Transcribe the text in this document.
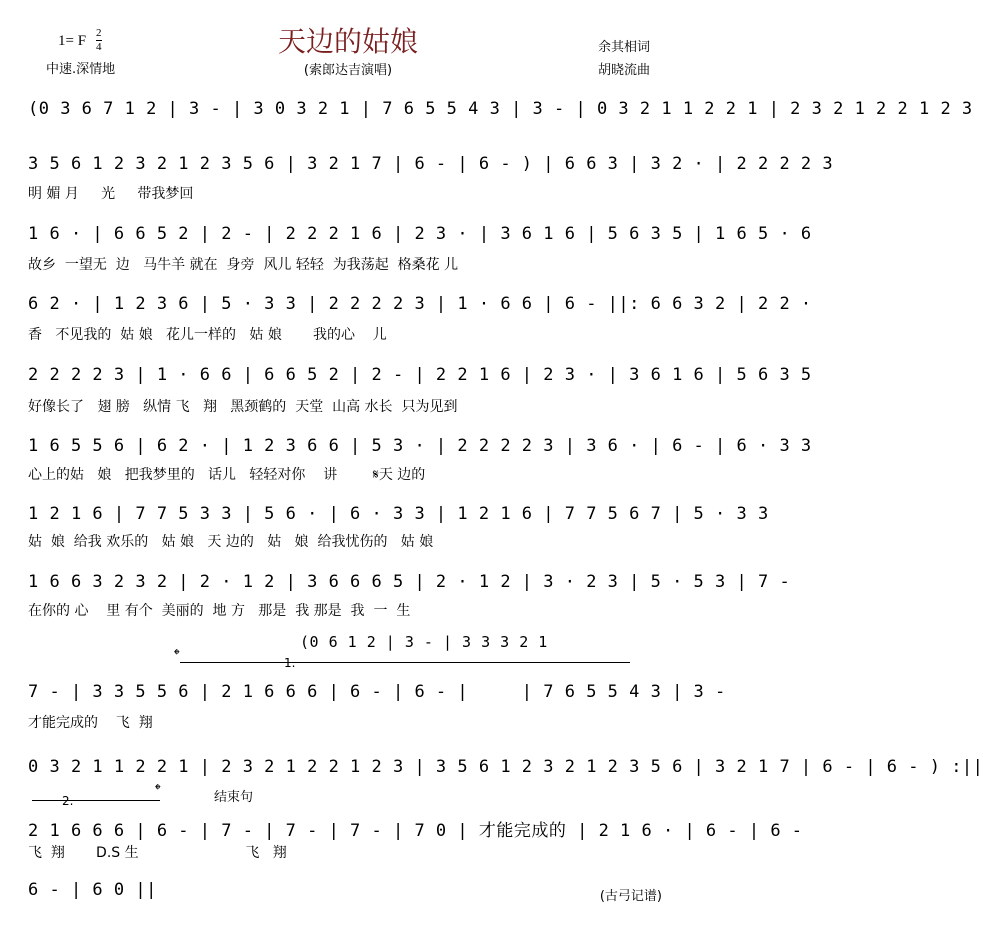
天边的姑娘
1= F 2
4
中速.深情地	(索郎达吉演唱)
余其相词
胡晓流曲
(0 3 6 7 1 2 | 3 - | 3 0 3 2 1 | 7 6 5 5 4 3 | 3 - | 0 3 2 1 1 2 2 1 | 2 3 2 1 2 2 1 2 3
3 5 6 1 2 3 2 1 2 3 5 6 | 3 2 1 7 | 6 - | 6 - ) | 6 6 3 | 3 2 · | 2 2 2 2 3
明 媚 月     光     带我梦回
1 6 · | 6 6 5 2 | 2 - | 2 2 2 1 6 | 2 3 · | 3 6 1 6 | 5 6 3 5 | 1 6 5 · 6
故乡  一望无  边   马牛羊 就在  身旁  风儿 轻轻  为我荡起  格桑花 儿
6 2 · | 1 2 3 6 | 5 · 3 3 | 2 2 2 2 3 | 1 · 6 6 | 6 - ||: 6 6 3 2 | 2 2 ·
香   不见我的  姑 娘   花儿一样的   姑 娘       我的心    儿
2 2 2 2 3 | 1 · 6 6 | 6 6 5 2 | 2 - | 2 2 1 6 | 2 3 · | 3 6 1 6 | 5 6 3 5
好像长了   翅 膀   纵情 飞   翔   黑颈鹤的  天堂  山高 水长  只为见到
1 6 5 5 6 | 6 2 · | 1 2 3 6 6 | 5 3 · | 2 2 2 2 3 | 3 6 · | 6 - | 6 · 3 3
心上的姑   娘   把我梦里的   话儿   轻轻对你    讲        𝄋天 边的
1 2 1 6 | 7 7 5 3 3 | 5 6 · | 6 · 3 3 | 1 2 1 6 | 7 7 5 6 7 | 5 · 3 3
姑  娘  给我 欢乐的   姑 娘   天 边的   姑   娘  给我忧伤的   姑 娘
1 6 6 3 2 3 2 | 2 · 1 2 | 3 6 6 6 5 | 2 · 1 2 | 3 · 2 3 | 5 · 5 3 | 7 -
在你的 心    里 有个  美丽的  地 方   那是  我 那是  我  一  生
(0 6 1 2 | 3 - | 3 3 3 2 1
𝄌	1.
7 - | 3 3 5 5 6 | 2 1 6 6 6 | 6 - | 6 - |     | 7 6 5 5 4 3 | 3 -
才能完成的    飞  翔
0 3 2 1 1 2 2 1 | 2 3 2 1 2 2 1 2 3 | 3 5 6 1 2 3 2 1 2 3 5 6 | 3 2 1 7 | 6 - | 6 - ) :||
2.
𝄌	结束句
2 1 6 6 6 | 6 - | 7 - | 7 - | 7 - | 7 0 | 才能完成的 | 2 1 6 · | 6 - | 6 -
飞  翔       D.S 生                        飞   翔
6 - | 6 0 ||	(古弓记谱)
